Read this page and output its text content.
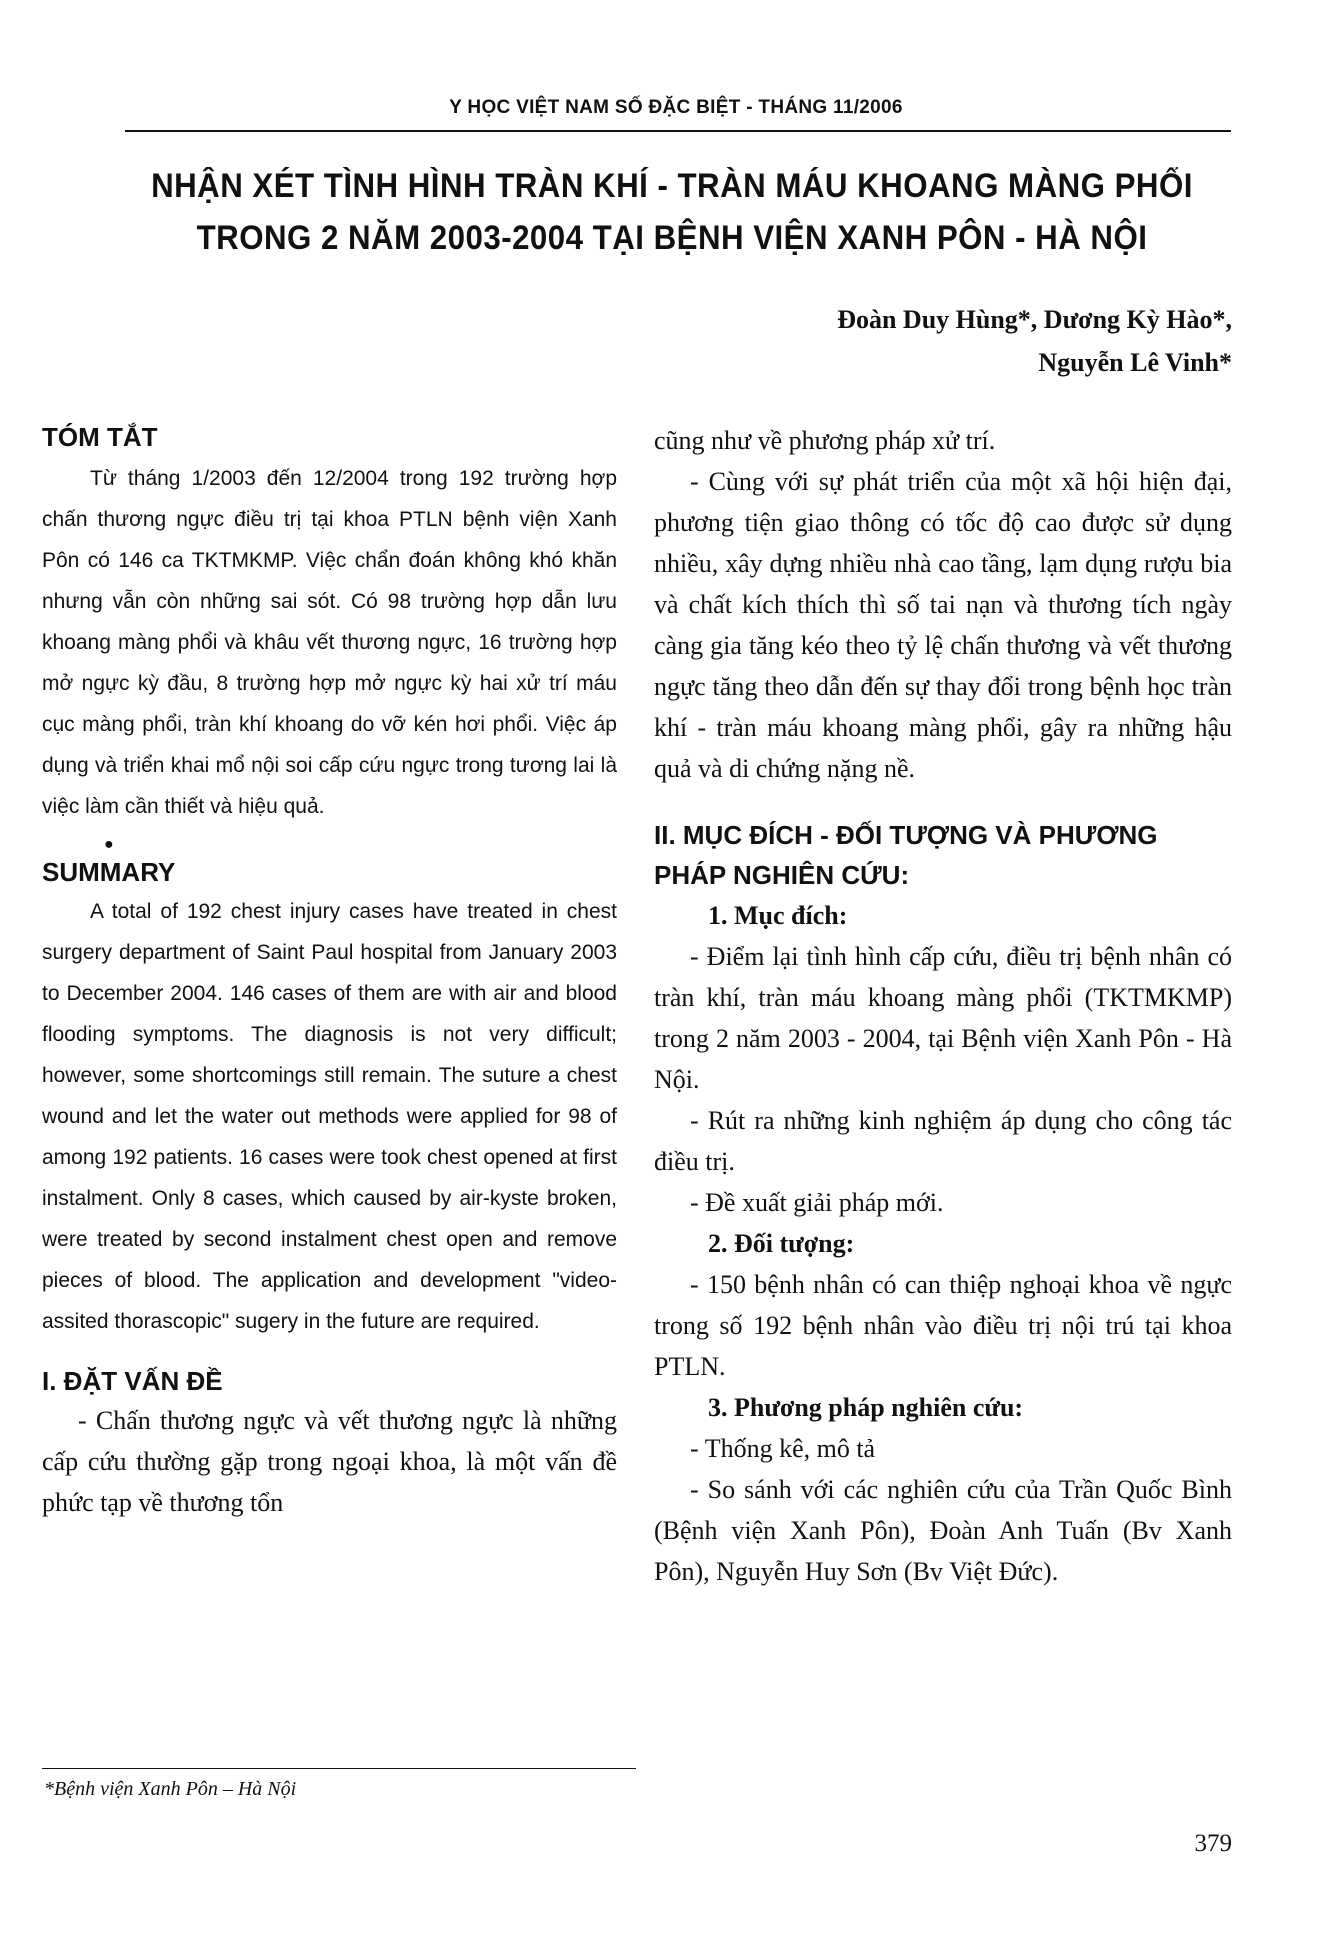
Y HỌC VIỆT NAM SỐ ĐẶC BIỆT - THÁNG 11/2006
NHẬN XÉT TÌNH HÌNH TRÀN KHÍ - TRÀN MÁU KHOANG MÀNG PHỔI
TRONG 2 NĂM 2003-2004 TẠI BỆNH VIỆN XANH PÔN - HÀ NỘI
Đoàn Duy Hùng*, Dương Kỳ Hào*,
Nguyễn Lê Vinh*
TÓM TẮT

Từ tháng 1/2003 đến 12/2004 trong 192 trường hợp chấn thương ngực điều trị tại khoa PTLN bệnh viện Xanh Pôn có 146 ca TKTMKMP. Việc chẩn đoán không khó khăn nhưng vẫn còn những sai sót. Có 98 trường hợp dẫn lưu khoang màng phổi và khâu vết thương ngực, 16 trường hợp mở ngực kỳ đầu, 8 trường hợp mở ngực kỳ hai xử trí máu cục màng phổi, tràn khí khoang do vỡ kén hơi phổi. Việc áp dụng và triển khai mổ nội soi cấp cứu ngực trong tương lai là việc làm cần thiết và hiệu quả.

●
SUMMARY

A total of 192 chest injury cases have treated in chest surgery department of Saint Paul hospital from January 2003 to December 2004. 146 cases of them are with air and blood flooding symptoms. The diagnosis is not very difficult; however, some shortcomings still remain. The suture a chest wound and let the water out methods were applied for 98 of among 192 patients. 16 cases were took chest opened at first instalment. Only 8 cases, which caused by air-kyste broken, were treated by second instalment chest open and remove pieces of blood. The application and development "video-assited thorascopic" sugery in the future are required.

I. ĐẶT VẤN ĐỀ

- Chấn thương ngực và vết thương ngực là những cấp cứu thường gặp trong ngoại khoa, là một vấn đề phức tạp về thương tổn

cũng như về phương pháp xử trí.

- Cùng với sự phát triển của một xã hội hiện đại, phương tiện giao thông có tốc độ cao được sử dụng nhiều, xây dựng nhiều nhà cao tầng, lạm dụng rượu bia và chất kích thích thì số tai nạn và thương tích ngày càng gia tăng kéo theo tỷ lệ chấn thương và vết thương ngực tăng theo dẫn đến sự thay đổi trong bệnh học tràn khí - tràn máu khoang màng phổi, gây ra những hậu quả và di chứng nặng nề.

II. MỤC ĐÍCH - ĐỐI TƯỢNG VÀ PHƯƠNG PHÁP NGHIÊN CỨU:
1. Mục đích:

- Điểm lại tình hình cấp cứu, điều trị bệnh nhân có tràn khí, tràn máu khoang màng phổi (TKTMKMP) trong 2 năm 2003 - 2004, tại Bệnh viện Xanh Pôn - Hà Nội.

- Rút ra những kinh nghiệm áp dụng cho công tác điều trị.

- Đề xuất giải pháp mới.

2. Đối tượng:

- 150 bệnh nhân có can thiệp nghoại khoa về ngực trong số 192 bệnh nhân vào điều trị nội trú tại khoa PTLN.

3. Phương pháp nghiên cứu:

- Thống kê, mô tả

- So sánh với các nghiên cứu của Trần Quốc Bình (Bệnh viện Xanh Pôn), Đoàn Anh Tuấn (Bv Xanh Pôn), Nguyễn Huy Sơn (Bv Việt Đức).

*Bệnh viện Xanh Pôn – Hà Nội
379
